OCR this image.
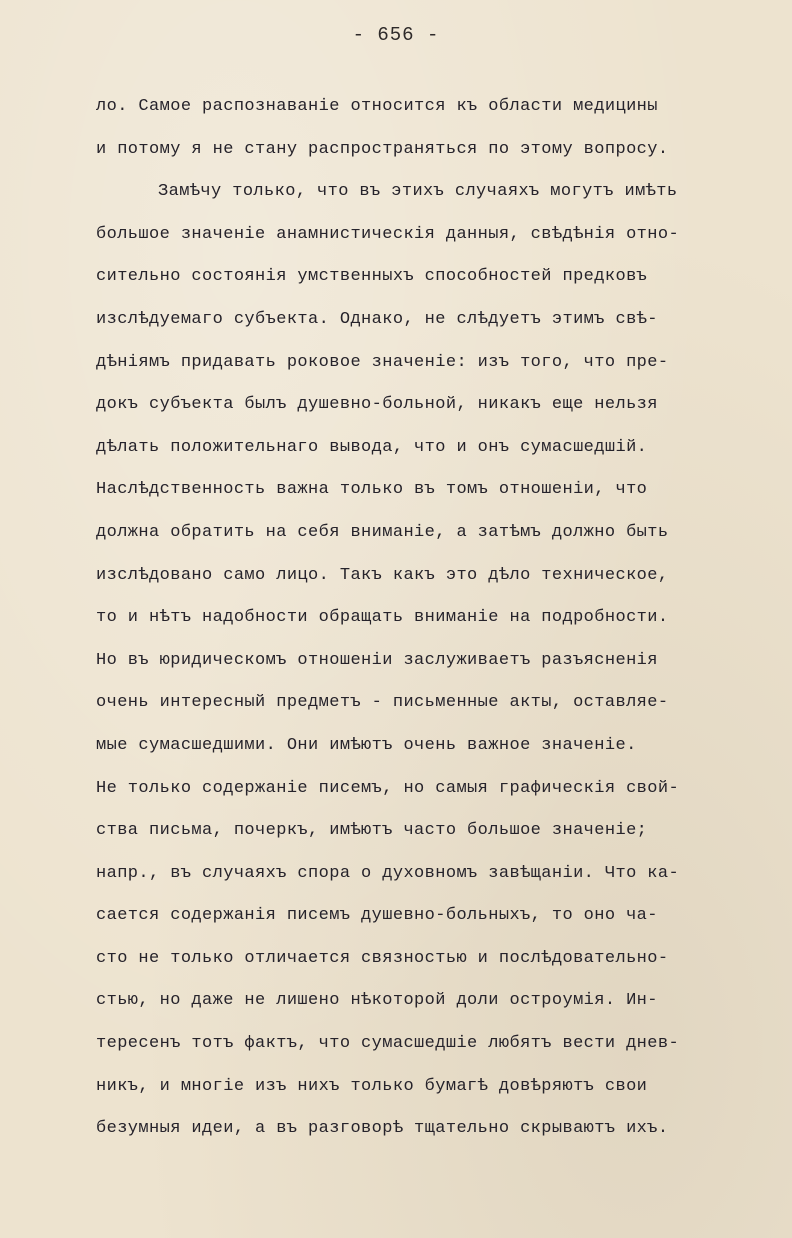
- 656 -
ло. Самое распознаваніе относится къ области медицины
и потому я не стану распространяться по этому вопросу.
Замѣчу только, что въ этихъ случаяхъ могутъ имѣть
большое значеніе анамнистическія данныя, свѣдѣнія отно-
сительно состоянія умственныхъ способностей предковъ
изслѣдуемаго субъекта. Однако, не слѣдуетъ этимъ свѣ-
дѣніямъ придавать роковое значеніе: изъ того, что пре-
докъ субъекта былъ душевно-больной, никакъ еще нельзя
дѣлать положительнаго вывода, что и онъ сумасшедшій.
Наслѣдственность важна только въ томъ отношеніи, что
должна обратить на себя вниманіе, а затѣмъ должно быть
изслѣдовано само лицо. Такъ какъ это дѣло техническое,
то и нѣтъ надобности обращать вниманіе на подробности.
Но въ юридическомъ отношеніи заслуживаетъ разъясненія
очень интересный предметъ - письменные акты, оставляе-
мые сумасшедшими. Они имѣютъ очень важное значеніе.
Не только содержаніе писемъ, но самыя графическія свой-
ства письма, почеркъ, имѣютъ часто большое значеніе;
напр., въ случаяхъ спора о духовномъ завѣщаніи. Что ка-
сается содержанія писемъ душевно-больныхъ, то оно ча-
сто не только отличается связностью и послѣдовательно-
стью, но даже не лишено нѣкоторой доли остроумія. Ин-
тересенъ тотъ фактъ, что сумасшедшіе любятъ вести днев-
никъ, и многіе изъ нихъ только бумагѣ довѣряютъ свои
безумныя идеи, а въ разговорѣ тщательно скрываютъ ихъ.
